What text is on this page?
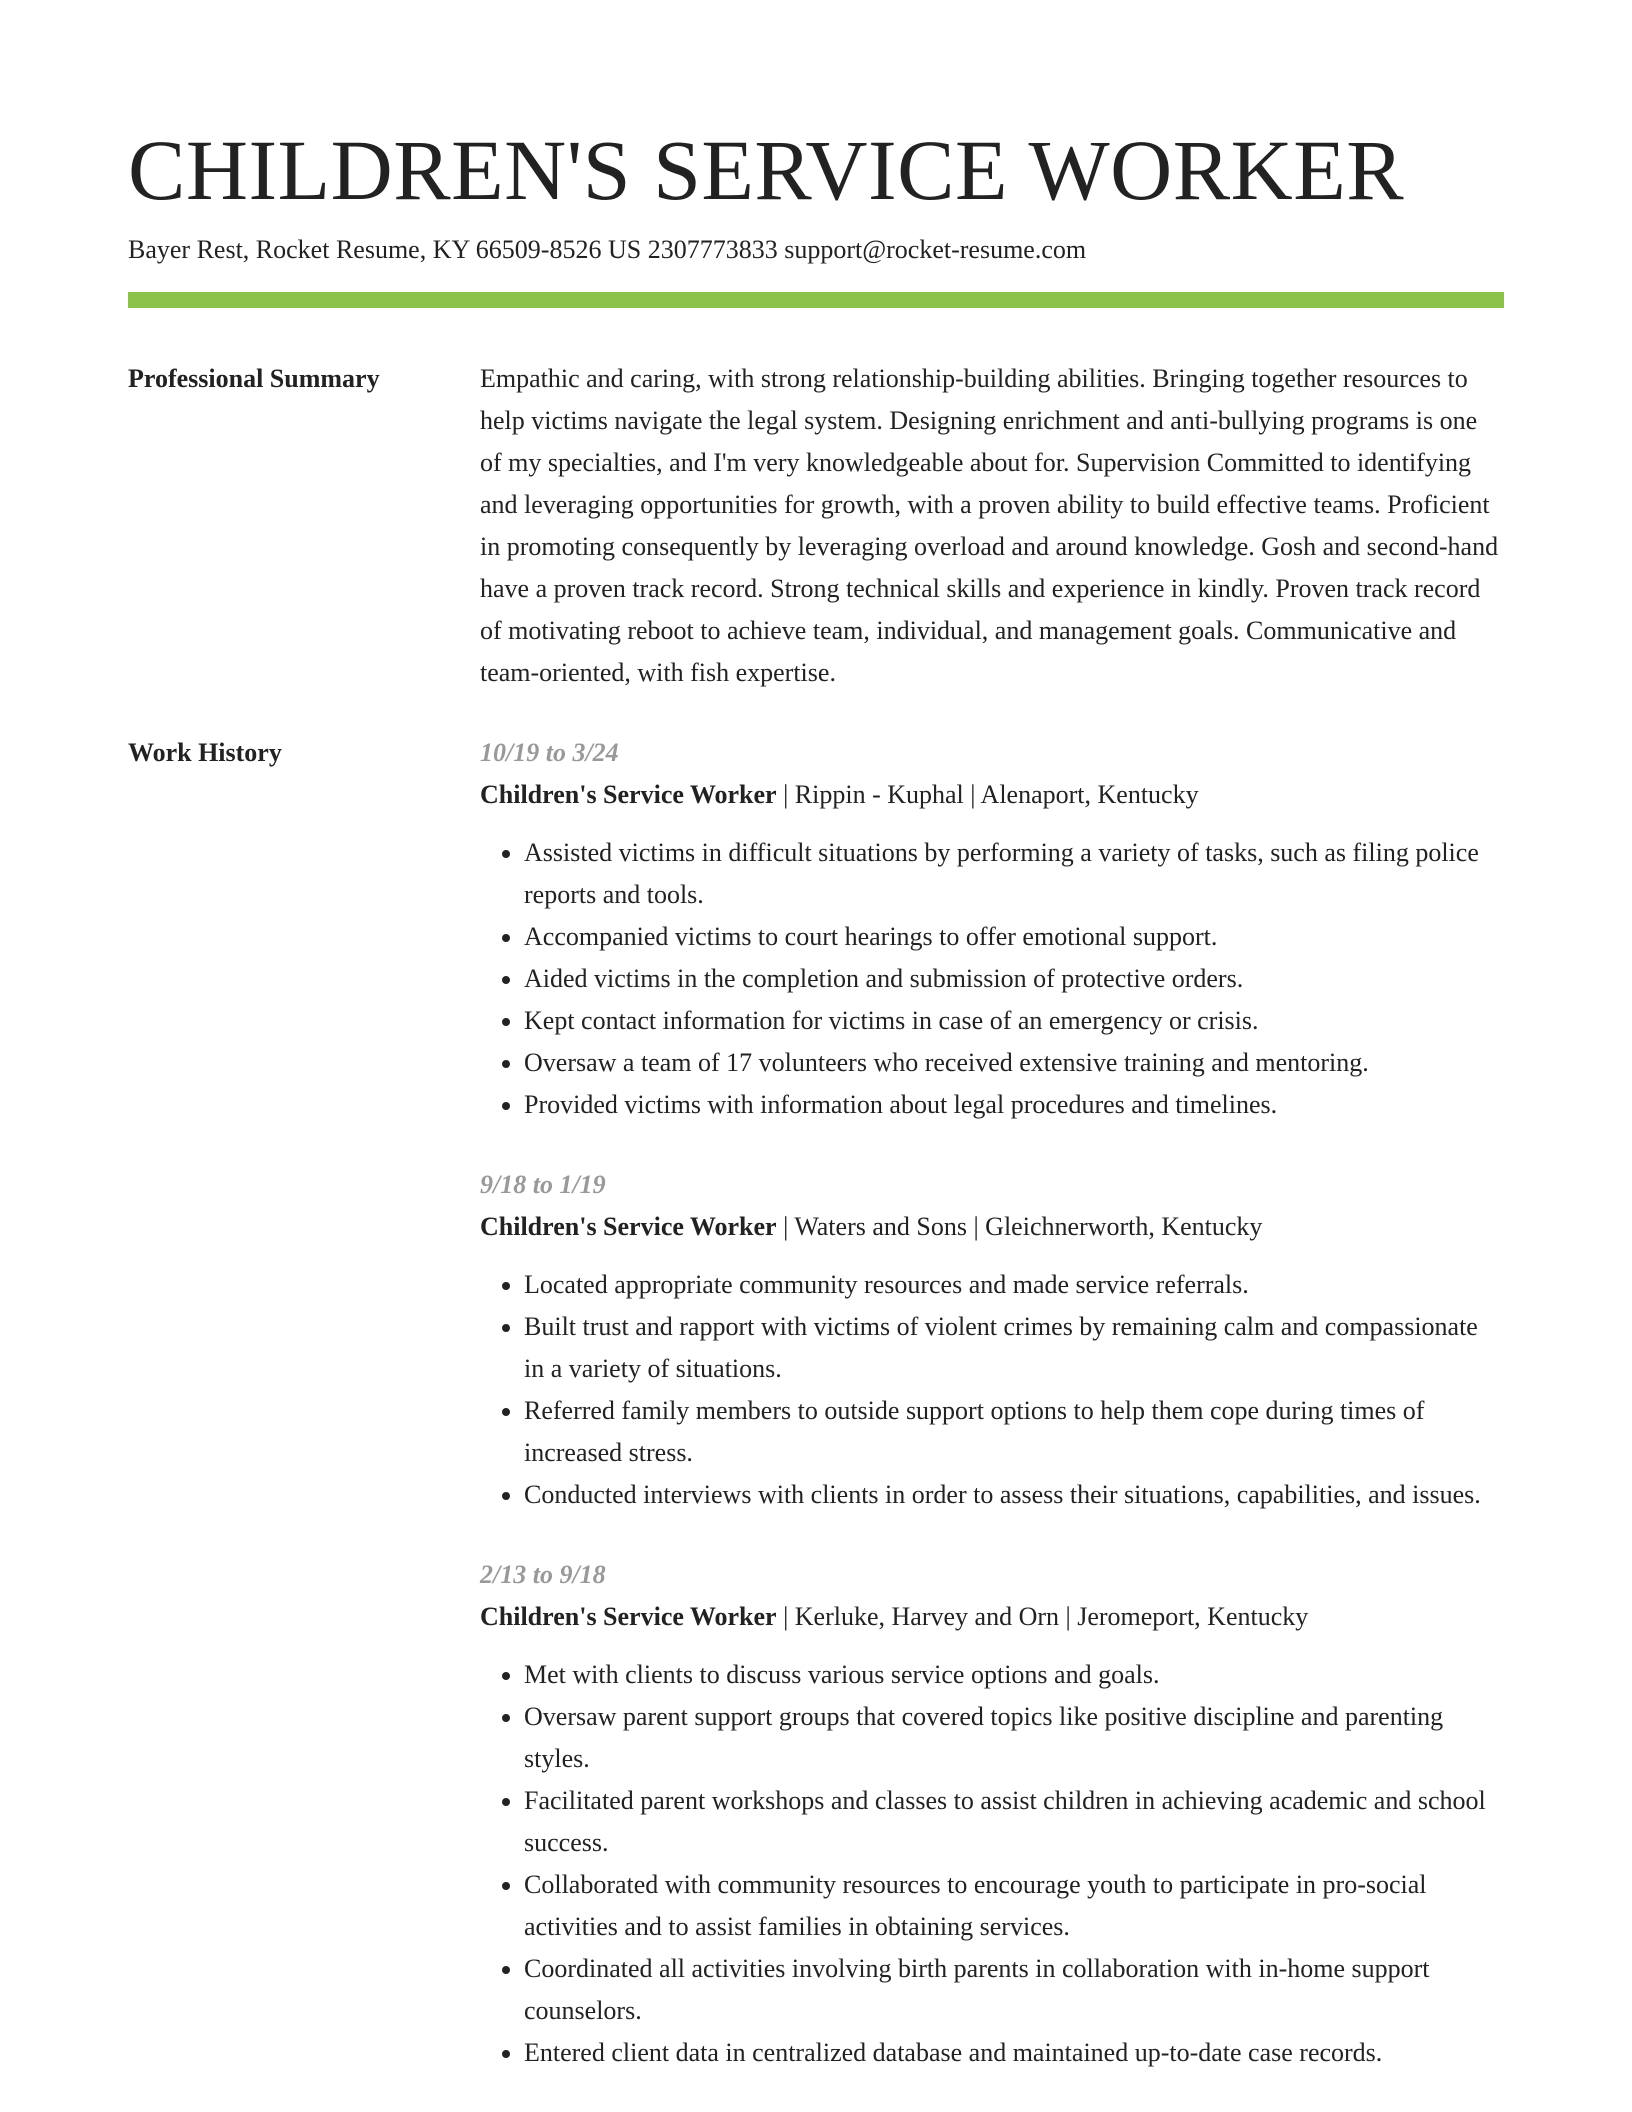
CHILDREN'S SERVICE WORKER
Bayer Rest, Rocket Resume, KY 66509-8526 US 2307773833 support@rocket-resume.com
Professional Summary	Empathic and caring, with strong relationship-building abilities. Bringing together resources to help victims navigate the legal system. Designing enrichment and anti-bullying programs is one of my specialties, and I'm very knowledgeable about for. Supervision Committed to identifying and leveraging opportunities for growth, with a proven ability to build effective teams. Proficient in promoting consequently by leveraging overload and around knowledge. Gosh and second-hand have a proven track record. Strong technical skills and experience in kindly. Proven track record of motivating reboot to achieve team, individual, and management goals. Communicative and team-oriented, with fish expertise.

Work History	10/19 to 3/24
Children's Service Worker | Rippin - Kuphal | Alenaport, Kentucky
• Assisted victims in difficult situations by performing a variety of tasks, such as filing police reports and tools.
• Accompanied victims to court hearings to offer emotional support.
• Aided victims in the completion and submission of protective orders.
• Kept contact information for victims in case of an emergency or crisis.
• Oversaw a team of 17 volunteers who received extensive training and mentoring.
• Provided victims with information about legal procedures and timelines.
9/18 to 1/19
Children's Service Worker | Waters and Sons | Gleichnerworth, Kentucky
• Located appropriate community resources and made service referrals.
• Built trust and rapport with victims of violent crimes by remaining calm and compassionate in a variety of situations.
• Referred family members to outside support options to help them cope during times of increased stress.
• Conducted interviews with clients in order to assess their situations, capabilities, and issues.
2/13 to 9/18
Children's Service Worker | Kerluke, Harvey and Orn | Jeromeport, Kentucky
• Met with clients to discuss various service options and goals.
• Oversaw parent support groups that covered topics like positive discipline and parenting styles.
• Facilitated parent workshops and classes to assist children in achieving academic and school success.
• Collaborated with community resources to encourage youth to participate in pro-social activities and to assist families in obtaining services.
• Coordinated all activities involving birth parents in collaboration with in-home support counselors.
• Entered client data in centralized database and maintained up-to-date case records.
